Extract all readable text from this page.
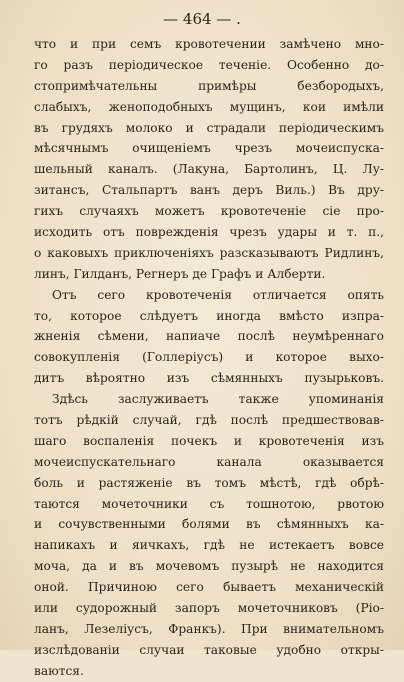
— 464 — .
что и при семъ кровотечении замѣчено мно-
го разъ періодическое теченіе. Особенно до-
стопримѣчательны примѣры безбородыхъ,
слабыхъ, женоподобныхъ мущинъ, кои имѣли
въ грудяхъ молоко и страдали періодическимъ
мѣсячнымъ очищеніемъ чрезъ мочеиспуска-
шельный каналъ. (Лакуна, Бартолинъ, Ц. Лу-
зитансъ, Стальпартъ ванъ деръ Виль.) Въ дру-
гихъ случаяхъ можетъ кровотеченіе сіе про-
исходить отъ поврежденія чрезъ удары и т. п.,
о каковыхъ приключеніяхъ разсказываютъ Ридлинъ,
линъ, Гилданъ, Регнеръ де Графъ и Алберти.
Отъ сего кровотеченія отличается опять
то, которое слѣдуетъ иногда вмѣсто изпра-
жненія сѣмени, напиаче послѣ неумѣреннаго
совокупленія (Голлеріусъ) и которое выхо-
дитъ вѣроятно изъ сѣмянныхъ пузырьковъ.
Здѣсь заслуживаетъ также упоминанія
тотъ рѣдкій случай, гдѣ послѣ предшествовав-
шаго воспаленія почекъ и кровотеченія изъ
мочеиспускательнаго канала оказывается
боль и растяженіе въ томъ мѣстѣ, гдѣ обрѣ-
таются мочеточники съ тошнотою, рвотою
и сочувственными болями въ сѣмянныхъ ка-
напикахъ и яичкахъ, гдѣ не истекаетъ вовсе
моча, да и въ мочевомъ пузырѣ не находится
оной. Причиною сего бываетъ механическій
или судорожный запоръ мочеточниковъ (Ріо-
ланъ, Лезеліусъ, Франкъ). При внимательномъ
изслѣдованіи случаи таковые удобно откры-
ваются.
